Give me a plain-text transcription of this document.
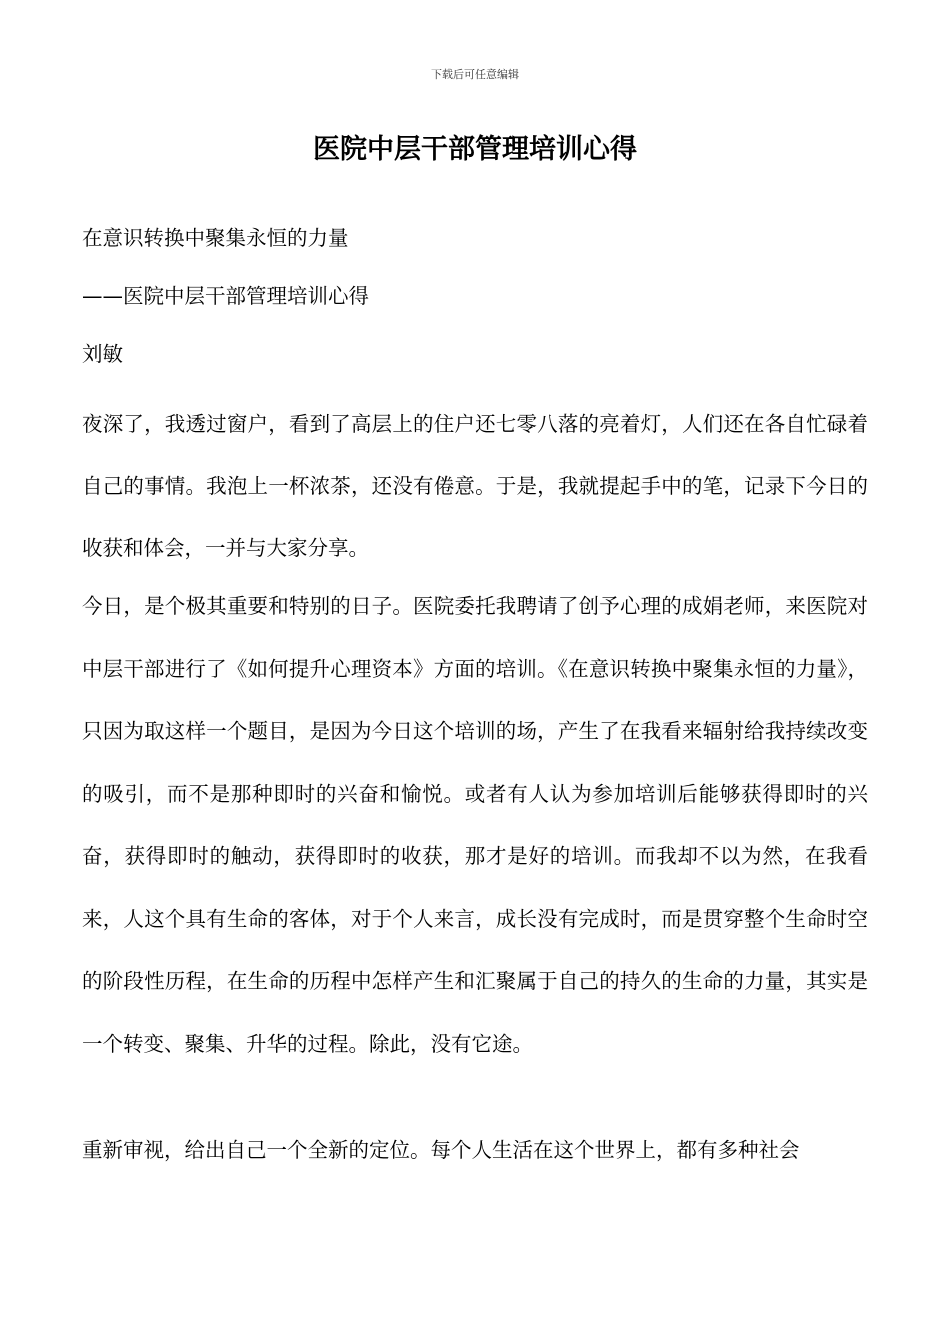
下载后可任意编辑
医院中层干部管理培训心得
在意识转换中聚集永恒的力量
——医院中层干部管理培训心得
刘敏

夜深了，我透过窗户，看到了高层上的住户还七零八落的亮着灯，人们还在各自忙碌着自己的事情。我泡上一杯浓茶，还没有倦意。于是，我就提起手中的笔，记录下今日的收获和体会，一并与大家分享。

今日，是个极其重要和特别的日子。医院委托我聘请了创予心理的成娟老师，来医院对中层干部进行了《如何提升心理资本》方面的培训。《在意识转换中聚集永恒的力量》，只因为取这样一个题目，是因为今日这个培训的场，产生了在我看来辐射给我持续改变的吸引，而不是那种即时的兴奋和愉悦。或者有人认为参加培训后能够获得即时的兴奋，获得即时的触动，获得即时的收获，那才是好的培训。而我却不以为然，在我看来，人这个具有生命的客体，对于个人来言，成长没有完成时，而是贯穿整个生命时空的阶段性历程，在生命的历程中怎样产生和汇聚属于自己的持久的生命的力量，其实是一个转变、聚集、升华的过程。除此，没有它途。

重新审视，给出自己一个全新的定位。每个人生活在这个世界上，都有多种社会
